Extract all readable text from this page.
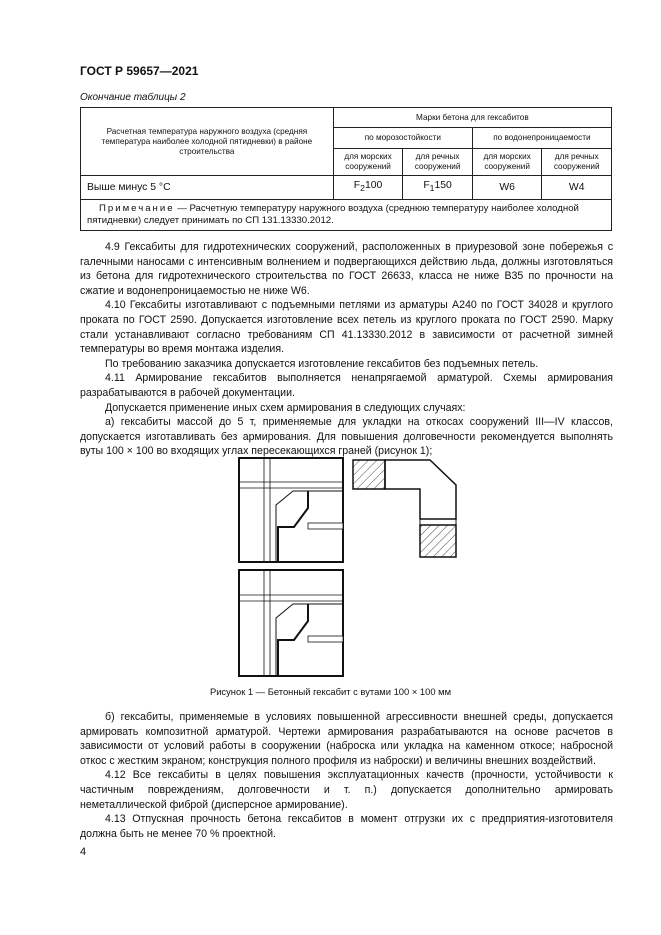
ГОСТ Р 59657—2021
Окончание таблицы 2
Расчетная температура наружного воздуха (средняя температура наиболее холодной пятидневки) в районе строительства	Марки бетона для гексабитов			
	по морозостойкости		по водонепроницаемости	
	для морских сооружений	для речных сооружений	для морских сооружений	для речных сооружений
Выше минус 5 °С	$F_2100$	$F_1150$	W6	W4
Примечание — Расчетную температуру наружного воздуха (среднюю температуру наиболее холодной пятидневки) следует принимать по СП 131.13330.2012.				

4.9 Гексабиты для гидротехнических сооружений, расположенных в приурезовой зоне побережья с галечными наносами с интенсивным волнением и подвергающихся действию льда, должны изготовляться из бетона для гидротехнического строительства по ГОСТ 26633, класса не ниже В35 по прочности на сжатие и водонепроницаемостью не ниже W6.

4.10 Гексабиты изготавливают с подъемными петлями из арматуры А240 по ГОСТ 34028 и круглого проката по ГОСТ 2590. Допускается изготовление всех петель из круглого проката по ГОСТ 2590. Марку стали устанавливают согласно требованиям СП 41.13330.2012 в зависимости от расчетной зимней температуры во время монтажа изделия.

По требованию заказчика допускается изготовление гексабитов без подъемных петель.

4.11 Армирование гексабитов выполняется ненапрягаемой арматурой. Схемы армирования разрабатываются в рабочей документации.

Допускается применение иных схем армирования в следующих случаях:

а) гексабиты массой до 5 т, применяемые для укладки на откосах сооружений III—IV классов, допускается изготавливать без армирования. Для повышения долговечности рекомендуется выполнять вуты 100 × 100 во входящих углах пересекающихся граней (рисунок 1);

Рисунок 1 — Бетонный гексабит с вутами 100 × 100 мм

б) гексабиты, применяемые в условиях повышенной агрессивности внешней среды, допускается армировать композитной арматурой. Чертежи армирования разрабатываются на основе расчетов в зависимости от условий работы в сооружении (наброска или укладка на каменном откосе; набросной откос с жестким экраном; конструкция полного профиля из наброски) и величины внешних воздействий.

4.12 Все гексабиты в целях повышения эксплуатационных качеств (прочности, устойчивости к частичным повреждениям, долговечности и т. п.) допускается дополнительно армировать неметаллической фиброй (дисперсное армирование).

4.13 Отпускная прочность бетона гексабитов в момент отгрузки их с предприятия-изготовителя должна быть не менее 70 % проектной.

4
